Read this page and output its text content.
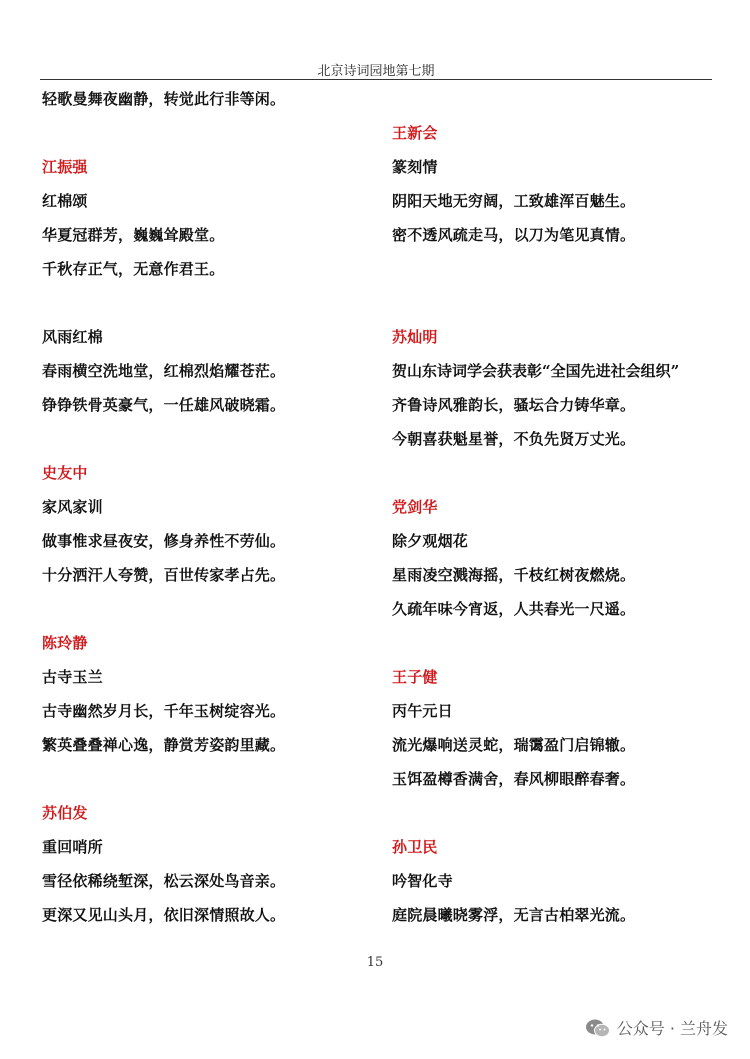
北京诗词园地第七期
轻歌曼舞夜幽静，转觉此行非等闲。
江振强
红棉颂
华夏冠群芳，巍巍耸殿堂。
千秋存正气，无意作君王。
风雨红棉
春雨横空洗地堂，红棉烈焰耀苍茫。
铮铮铁骨英豪气，一任雄风破晓霜。
史友中
家风家训
做事惟求昼夜安，修身养性不劳仙。
十分洒汗人夸赞，百世传家孝占先。
陈玲静
古寺玉兰
古寺幽然岁月长，千年玉树绽容光。
繁英叠叠禅心逸，静赏芳姿韵里藏。
苏伯发
重回哨所
雪径依稀绕堑深，松云深处鸟音亲。
更深又见山头月，依旧深情照故人。
王新会
篆刻情
阴阳天地无穷阔，工致雄浑百魅生。
密不透风疏走马，以刀为笔见真情。
苏灿明
贺山东诗词学会获表彰“全国先进社会组织”
齐鲁诗风雅韵长，骚坛合力铸华章。
今朝喜获魁星誉，不负先贤万丈光。
党剑华
除夕观烟花
星雨凌空溅海摇，千枝红树夜燃烧。
久疏年味今宵返，人共春光一尺遥。
王子健
丙午元日
流光爆响送灵蛇，瑞霭盈门启锦辙。
玉饵盈樽香满舍，春风柳眼醉春奢。
孙卫民
吟智化寺
庭院晨曦晓雾浮，无言古柏翠光流。
15
公众号 · 兰舟发
